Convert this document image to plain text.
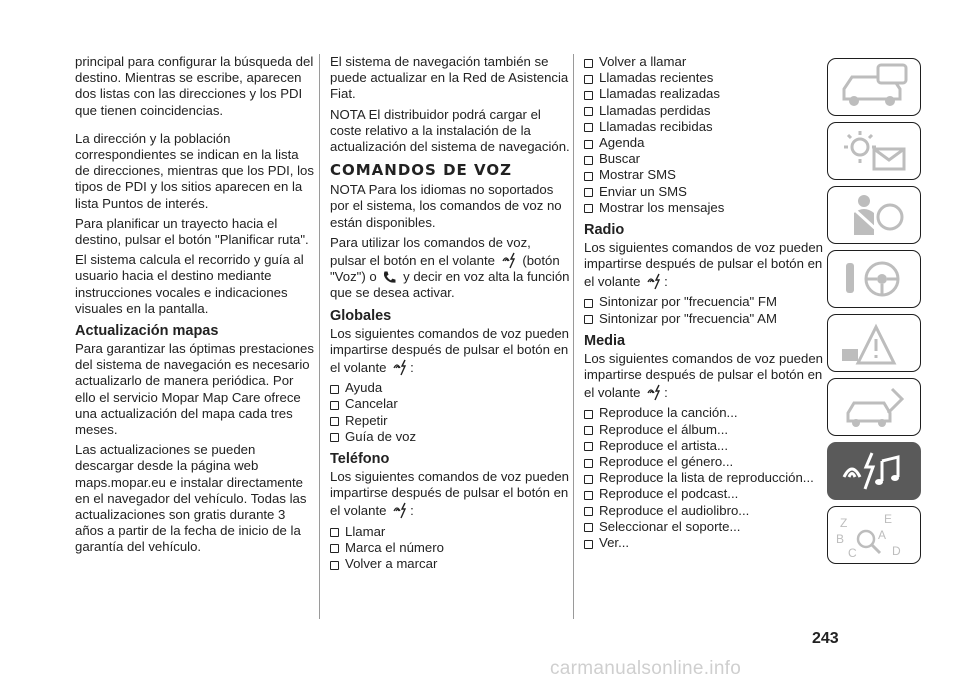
principal para configurar la búsqueda del destino. Mientras se escribe, aparecen dos listas con las direcciones y los PDI que tienen coincidencias.

La dirección y la población correspondientes se indican en la lista de direcciones, mientras que los PDI, los tipos de PDI y los sitios aparecen en la lista Puntos de interés.

Para planificar un trayecto hacia el destino, pulsar el botón "Planificar ruta".

El sistema calcula el recorrido y guía al usuario hacia el destino mediante instrucciones vocales e indicaciones visuales en la pantalla.

Actualización mapas

Para garantizar las óptimas prestaciones del sistema de navegación es necesario actualizarlo de manera periódica. Por ello el servicio Mopar Map Care ofrece una actualización del mapa cada tres meses.

Las actualizaciones se pueden descargar desde la página web maps.mopar.eu e instalar directamente en el navegador del vehículo. Todas las actualizaciones son gratis durante 3 años a partir de la fecha de inicio de la garantía del vehículo.

El sistema de navegación también se puede actualizar en la Red de Asistencia Fiat.

NOTA El distribuidor podrá cargar el coste relativo a la instalación de la actualización del sistema de navegación.

COMANDOS DE VOZ

NOTA Para los idiomas no soportados por el sistema, los comandos de voz no están disponibles.

Para utilizar los comandos de voz, pulsar el botón en el volante (botón "Voz") o y decir en voz alta la función que se desea activar.

Globales

Los siguientes comandos de voz pueden impartirse después de pulsar el botón en el volante :

Ayuda
Cancelar
Repetir
Guía de voz
Teléfono

Los siguientes comandos de voz pueden impartirse después de pulsar el botón en el volante :

Llamar
Marca el número
Volver a marcar
Volver a llamar
Llamadas recientes
Llamadas realizadas
Llamadas perdidas
Llamadas recibidas
Agenda
Buscar
Mostrar SMS
Enviar un SMS
Mostrar los mensajes
Radio

Los siguientes comandos de voz pueden impartirse después de pulsar el botón en el volante :

Sintonizar por "frecuencia" FM
Sintonizar por "frecuencia" AM
Media

Los siguientes comandos de voz pueden impartirse después de pulsar el botón en el volante :

Reproduce la canción...
Reproduce el álbum...
Reproduce el artista...
Reproduce el género...
Reproduce la lista de reproducción...
Reproduce el podcast...
Reproduce el audiolibro...
Seleccionar el soporte...
Ver...
Z	E
B	A
C	D
243
carmanualsonline.info
